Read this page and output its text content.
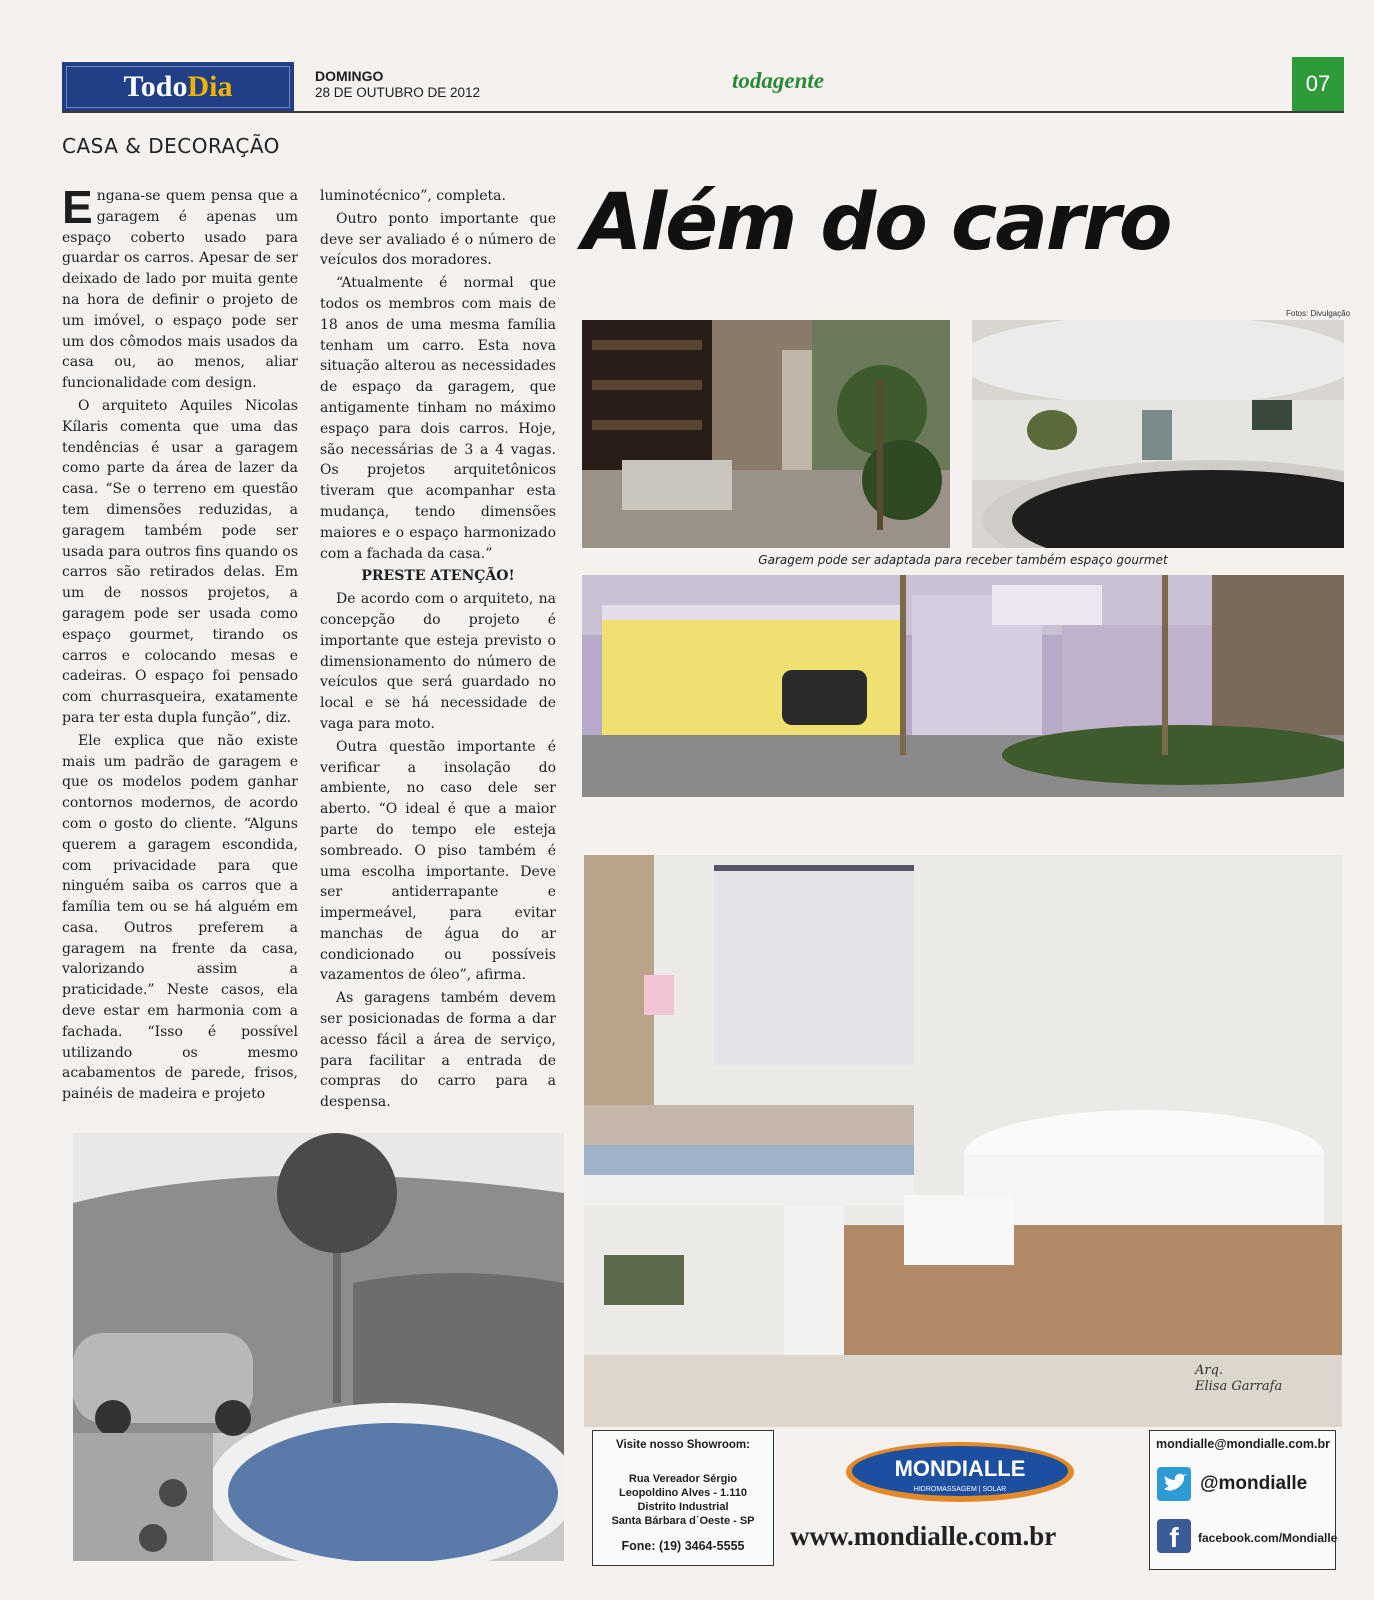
Todo Dia	DOMINGO
28 DE OUTUBRO DE 2012	todagente	07
CASA & DECORAÇÃO
Além do carro
Fotos: Divulgação

Engana-se quem pensa que a garagem é apenas um espaço coberto usado para guardar os carros. Apesar de ser deixado de lado por muita gente na hora de definir o projeto de um imóvel, o espaço pode ser um dos cômodos mais usados da casa ou, ao menos, aliar funcionalidade com design.

O arquiteto Aquiles Nicolas Kílaris comenta que uma das tendências é usar a garagem como parte da área de lazer da casa. “Se o terreno em questão tem dimensões reduzidas, a garagem também pode ser usada para outros fins quando os carros são retirados delas. Em um de nossos projetos, a garagem pode ser usada como espaço gourmet, tirando os carros e colocando mesas e cadeiras. O espaço foi pensado com churrasqueira, exatamente para ter esta dupla função”, diz.

Ele explica que não existe mais um padrão de garagem e que os modelos podem ganhar contornos modernos, de acordo com o gosto do cliente. “Alguns querem a garagem escondida, com privacidade para que ninguém saiba os carros que a família tem ou se há alguém em casa. Outros preferem a garagem na frente da casa, valorizando assim a praticidade.” Neste casos, ela deve estar em harmonia com a fachada. “Isso é possível utilizando os mesmo acabamentos de parede, frisos, painéis de madeira e projeto

luminotécnico”, completa.

Outro ponto importante que deve ser avaliado é o número de veículos dos moradores.

“Atualmente é normal que todos os membros com mais de 18 anos de uma mesma família tenham um carro. Esta nova situação alterou as necessidades de espaço da garagem, que antigamente tinham no máximo espaço para dois carros. Hoje, são necessárias de 3 a 4 vagas. Os projetos arquitetônicos tiveram que acompanhar esta mudança, tendo dimensões maiores e o espaço harmonizado com a fachada da casa.”

PRESTE ATENÇÃO!

De acordo com o arquiteto, na concepção do projeto é importante que esteja previsto o dimensionamento do número de veículos que será guardado no local e se há necessidade de vaga para moto.

Outra questão importante é verificar a insolação do ambiente, no caso dele ser aberto. “O ideal é que a maior parte do tempo ele esteja sombreado. O piso também é uma escolha importante. Deve ser antiderrapante e impermeável, para evitar manchas de água do ar condicionado ou possíveis vazamentos de óleo”, afirma.

As garagens também devem ser posicionadas de forma a dar acesso fácil a área de serviço, para facilitar a entrada de compras do carro para a despensa.

Garagem pode ser adaptada para receber também espaço gourmet
Arq.
Elisa Garrafa
Visite nosso Showroom:
Rua Vereador Sérgio
Leopoldino Alves - 1.110
Distrito Industrial
Santa Bárbara d´Oeste - SP
Fone: (19) 3464-5555
MONDIALLE
HIDROMASSAGEM | SOLAR
www.mondialle.com.br
mondialle@mondialle.com.br
@mondialle
f	facebook.com/Mondialle
